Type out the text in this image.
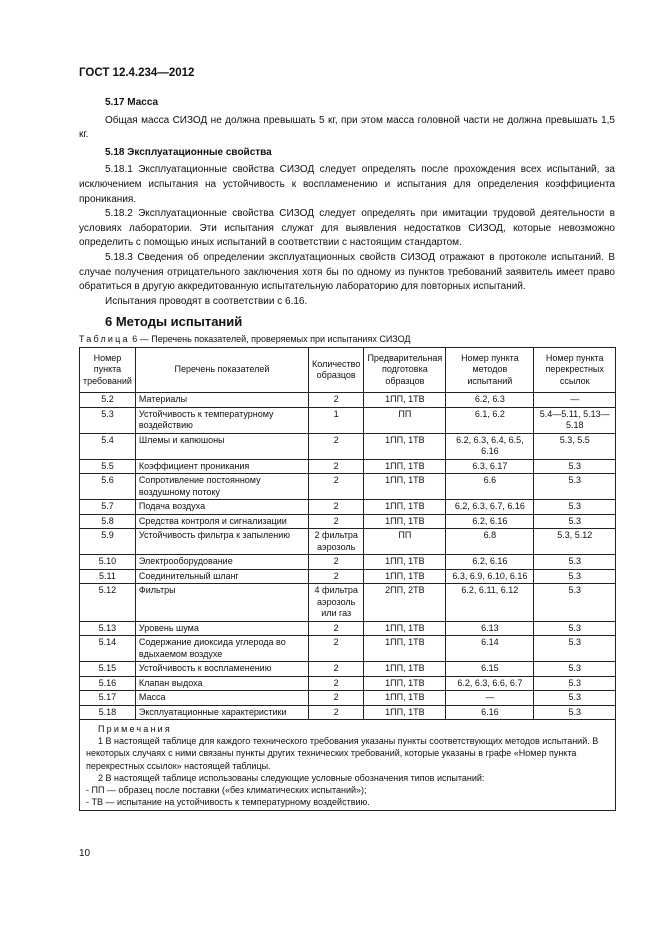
ГОСТ 12.4.234—2012

5.17 Масса

Общая масса СИЗОД не должна превышать 5 кг, при этом масса головной части не должна превышать 1,5 кг.

5.18 Эксплуатационные свойства

5.18.1 Эксплуатационные свойства СИЗОД следует определять после прохождения всех испытаний, за исключением испытания на устойчивость к воспламенению и испытания для определения коэффициента проникания.

5.18.2 Эксплуатационные свойства СИЗОД следует определять при имитации трудовой деятельности в условиях лаборатории. Эти испытания служат для выявления недостатков СИЗОД, которые невозможно определить с помощью иных испытаний в соответствии с настоящим стандартом.

5.18.3 Сведения об определении эксплуатационных свойств СИЗОД отражают в протоколе испытаний. В случае получения отрицательного заключения хотя бы по одному из пунктов требований заявитель имеет право обратиться в другую аккредитованную испытательную лабораторию для повторных испытаний.

Испытания проводят в соответствии с 6.16.

6 Методы испытаний
Таблица 6 — Перечень показателей, проверяемых при испытаниях СИЗОД
Номер пункта требований	Перечень показателей	Количество образцов	Предварительная подготовка образцов	Номер пункта методов испытаний	Номер пункта перекрестных ссылок
5.2	Материалы	2	1ПП, 1ТВ	6.2, 6.3	—
5.3	Устойчивость к температурному воздействию	1	ПП	6.1, 6.2	5.4—5.11, 5.13—5.18
5.4	Шлемы и капюшоны	2	1ПП, 1ТВ	6.2, 6.3, 6.4, 6.5, 6.16	5.3, 5.5
5.5	Коэффициент проникания	2	1ПП, 1ТВ	6.3, 6.17	5.3
5.6	Сопротивление постоянному воздушному потоку	2	1ПП, 1ТВ	6.6	5.3
5.7	Подача воздуха	2	1ПП, 1ТВ	6.2, 6.3, 6.7, 6.16	5.3
5.8	Средства контроля и сигнализации	2	1ПП, 1ТВ	6.2, 6.16	5.3
5.9	Устойчивость фильтра к запылению	2 фильтра аэрозоль	ПП	6.8	5.3, 5.12
5.10	Электрооборудование	2	1ПП, 1ТВ	6.2, 6.16	5.3
5.11	Соединительный шланг	2	1ПП, 1ТВ	6.3, 6.9, 6.10, 6.16	5.3
5.12	Фильтры	4 фильтра аэрозоль или газ	2ПП, 2ТВ	6.2, 6.11, 6.12	5.3
5.13	Уровень шума	2	1ПП, 1ТВ	6.13	5.3
5.14	Содержание диоксида углерода во вдыхаемом воздухе	2	1ПП, 1ТВ	6.14	5.3
5.15	Устойчивость к воспламенению	2	1ПП, 1ТВ	6.15	5.3
5.16	Клапан выдоха	2	1ПП, 1ТВ	6.2, 6.3, 6.6, 6.7	5.3
5.17	Масса	2	1ПП, 1ТВ	—	5.3
5.18	Эксплуатационные характеристики	2	1ПП, 1ТВ	6.16	5.3

Примечания
1 В настоящей таблице для каждого технического требования указаны пункты соответствующих методов испытаний. В некоторых случаях с ними связаны пункты других технических требований, которые указаны в графе «Номер пункта перекрестных ссылок» настоящей таблицы.
2 В настоящей таблице использованы следующие условные обозначения типов испытаний:
- ПП — образец после поставки («без климатических испытаний»);
- ТВ — испытание на устойчивость к температурному воздействию.					
10
